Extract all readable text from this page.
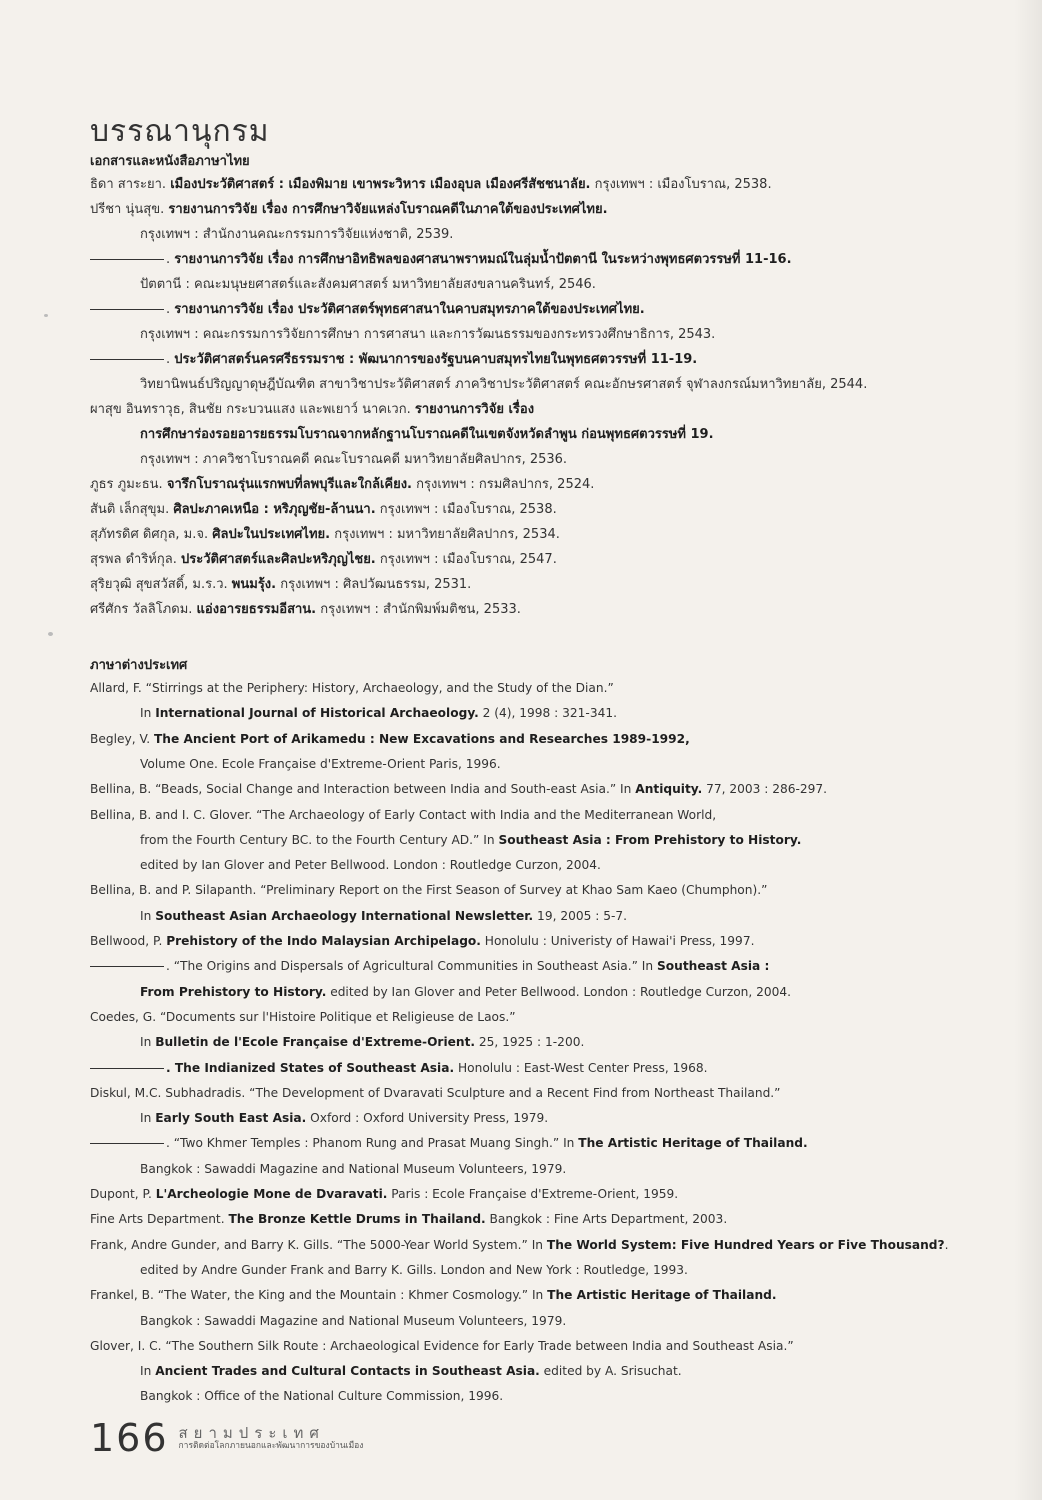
บรรณานุกรม
เอกสารและหนังสือภาษาไทย
ธิดา สาระยา. เมืองประวัติศาสตร์ : เมืองพิมาย เขาพระวิหาร เมืองอุบล เมืองศรีสัชชนาลัย. กรุงเทพฯ : เมืองโบราณ, 2538.
ปรีชา นุ่นสุข. รายงานการวิจัย เรื่อง การศึกษาวิจัยแหล่งโบราณคดีในภาคใต้ของประเทศไทย.
กรุงเทพฯ : สำนักงานคณะกรรมการวิจัยแห่งชาติ, 2539.
. รายงานการวิจัย เรื่อง การศึกษาอิทธิพลของศาสนาพราหมณ์ในลุ่มน้ำปัตตานี ในระหว่างพุทธศตวรรษที่ 11-16.
ปัตตานี : คณะมนุษยศาสตร์และสังคมศาสตร์ มหาวิทยาลัยสงขลานครินทร์, 2546.
. รายงานการวิจัย เรื่อง ประวัติศาสตร์พุทธศาสนาในคาบสมุทรภาคใต้ของประเทศไทย.
กรุงเทพฯ : คณะกรรมการวิจัยการศึกษา การศาสนา และการวัฒนธรรมของกระทรวงศึกษาธิการ, 2543.
. ประวัติศาสตร์นครศรีธรรมราช : พัฒนาการของรัฐบนคาบสมุทรไทยในพุทธศตวรรษที่ 11-19.
วิทยานิพนธ์ปริญญาดุษฎีบัณฑิต สาขาวิชาประวัติศาสตร์ ภาควิชาประวัติศาสตร์ คณะอักษรศาสตร์ จุฬาลงกรณ์มหาวิทยาลัย, 2544.
ผาสุข อินทราวุธ, สินชัย กระบวนแสง และพเยาว์ นาคเวก. รายงานการวิจัย เรื่อง
การศึกษาร่องรอยอารยธรรมโบราณจากหลักฐานโบราณคดีในเขตจังหวัดลำพูน ก่อนพุทธศตวรรษที่ 19.
กรุงเทพฯ : ภาควิชาโบราณคดี คณะโบราณคดี มหาวิทยาลัยศิลปากร, 2536.
ภูธร ภูมะธน. จารึกโบราณรุ่นแรกพบที่ลพบุรีและใกล้เคียง. กรุงเทพฯ : กรมศิลปากร, 2524.
สันติ เล็กสุขุม. ศิลปะภาคเหนือ : หริภุญชัย-ล้านนา. กรุงเทพฯ : เมืองโบราณ, 2538.
สุภัทรดิศ ดิศกุล, ม.จ. ศิลปะในประเทศไทย. กรุงเทพฯ : มหาวิทยาลัยศิลปากร, 2534.
สุรพล ดำริห์กุล. ประวัติศาสตร์และศิลปะหริภุญไชย. กรุงเทพฯ : เมืองโบราณ, 2547.
สุริยวุฒิ สุขสวัสดิ์, ม.ร.ว. พนมรุ้ง. กรุงเทพฯ : ศิลปวัฒนธรรม, 2531.
ศรีศักร วัลลิโภดม. แอ่งอารยธรรมอีสาน. กรุงเทพฯ : สำนักพิมพ์มติชน, 2533.
ภาษาต่างประเทศ
Allard, F. “Stirrings at the Periphery: History, Archaeology, and the Study of the Dian.”
In International Journal of Historical Archaeology. 2 (4), 1998 : 321-341.
Begley, V. The Ancient Port of Arikamedu : New Excavations and Researches 1989-1992,
Volume One. Ecole Française d'Extreme-Orient Paris, 1996.
Bellina, B. “Beads, Social Change and Interaction between India and South-east Asia.” In Antiquity. 77, 2003 : 286-297.
Bellina, B. and I. C. Glover. “The Archaeology of Early Contact with India and the Mediterranean World,
from the Fourth Century BC. to the Fourth Century AD.” In Southeast Asia : From Prehistory to History.
edited by Ian Glover and Peter Bellwood. London : Routledge Curzon, 2004.
Bellina, B. and P. Silapanth. “Preliminary Report on the First Season of Survey at Khao Sam Kaeo (Chumphon).”
In Southeast Asian Archaeology International Newsletter. 19, 2005 : 5-7.
Bellwood, P. Prehistory of the Indo Malaysian Archipelago. Honolulu : Univeristy of Hawai'i Press, 1997.
. “The Origins and Dispersals of Agricultural Communities in Southeast Asia.” In Southeast Asia :
From Prehistory to History. edited by Ian Glover and Peter Bellwood. London : Routledge Curzon, 2004.
Coedes, G. “Documents sur l'Histoire Politique et Religieuse de Laos.”
In Bulletin de l'Ecole Française d'Extreme-Orient. 25, 1925 : 1-200.
. The Indianized States of Southeast Asia. Honolulu : East-West Center Press, 1968.
Diskul, M.C. Subhadradis. “The Development of Dvaravati Sculpture and a Recent Find from Northeast Thailand.”
In Early South East Asia. Oxford : Oxford University Press, 1979.
. “Two Khmer Temples : Phanom Rung and Prasat Muang Singh.” In The Artistic Heritage of Thailand.
Bangkok : Sawaddi Magazine and National Museum Volunteers, 1979.
Dupont, P. L'Archeologie Mone de Dvaravati. Paris : Ecole Française d'Extreme-Orient, 1959.
Fine Arts Department. The Bronze Kettle Drums in Thailand. Bangkok : Fine Arts Department, 2003.
Frank, Andre Gunder, and Barry K. Gills. “The 5000-Year World System.” In The World System: Five Hundred Years or Five Thousand?.
edited by Andre Gunder Frank and Barry K. Gills. London and New York : Routledge, 1993.
Frankel, B. “The Water, the King and the Mountain : Khmer Cosmology.” In The Artistic Heritage of Thailand.
Bangkok : Sawaddi Magazine and National Museum Volunteers, 1979.
Glover, I. C. “The Southern Silk Route : Archaeological Evidence for Early Trade between India and Southeast Asia.”
In Ancient Trades and Cultural Contacts in Southeast Asia. edited by A. Srisuchat.
Bangkok : Office of the National Culture Commission, 1996.
166 สยามประเทศ
การติดต่อโลกภายนอกและพัฒนาการของบ้านเมือง
